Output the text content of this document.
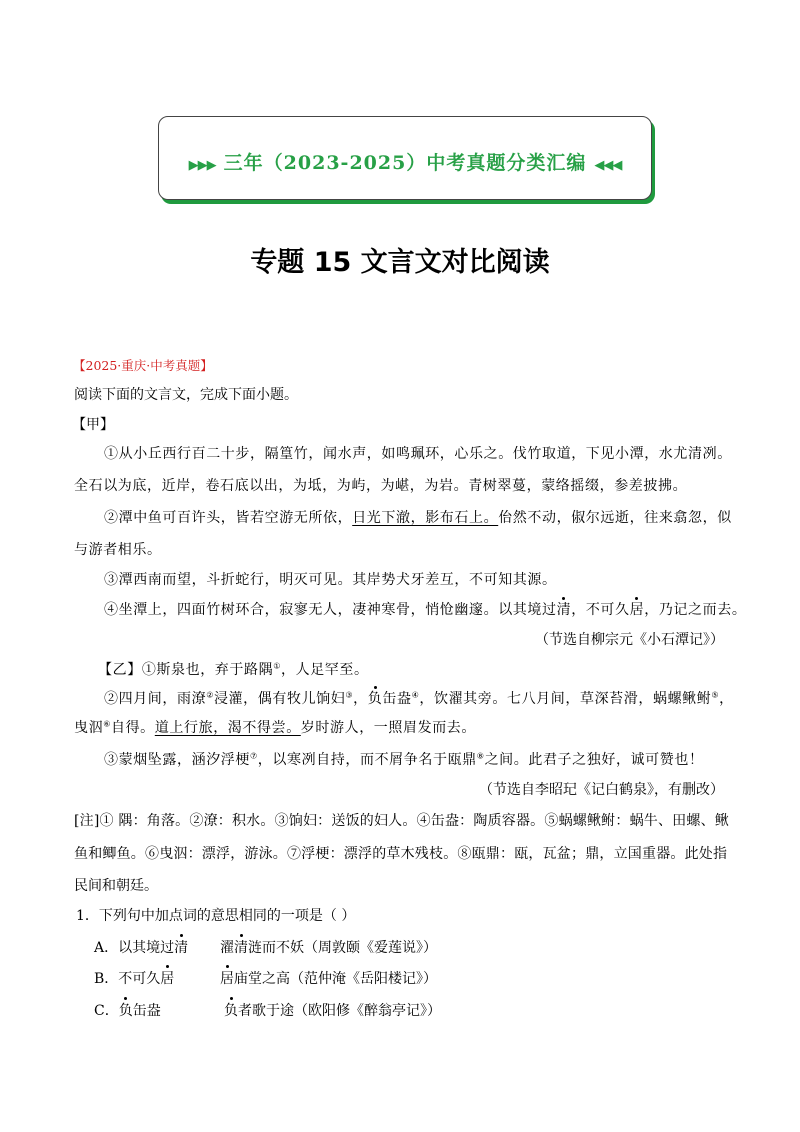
▶▶▶ 三年（2023-2025）中考真题分类汇编 ◀◀◀
专题 15 文言文对比阅读
【2025·重庆·中考真题】
阅读下面的文言文，完成下面小题。
【甲】
①从小丘西行百二十步，隔篁竹，闻水声，如鸣珮环，心乐之。伐竹取道，下见小潭，水尤清冽。
全石以为底，近岸，卷石底以出，为坻，为屿，为嵁，为岩。青树翠蔓，蒙络摇缀，参差披拂。
②潭中鱼可百许头，皆若空游无所依，日光下澈，影布石上。佁然不动，俶尔远逝，往来翕忽，似
与游者相乐。
③潭西南而望，斗折蛇行，明灭可见。其岸势犬牙差互，不可知其源。
④坐潭上，四面竹树环合，寂寥无人，凄神寒骨，悄怆幽邃。以其境过清，不可久居，乃记之而去。
（节选自柳宗元《小石潭记》）
【乙】①斯泉也，弃于路隅①，人足罕至。
②四月间，雨潦②浸灌，偶有牧儿饷妇③，负缶盎④，饮濯其旁。七八月间，草深苔滑，蜗螺鳅鲋⑤，
曳泅⑥自得。道上行旅，渴不得尝。岁时游人，一照眉发而去。
③蒙烟坠露，涵汐浮梗⑦，以寒冽自持，而不屑争名于瓯鼎⑧之间。此君子之独好，诚可赞也！
（节选自李昭玘《记白鹤泉》，有删改）
[注]① 隅：角落。②潦：积水。③饷妇：送饭的妇人。④缶盎：陶质容器。⑤蜗螺鳅鲋：蜗牛、田螺、鳅
鱼和鲫鱼。⑥曳泅：漂浮，游泳。⑦浮梗：漂浮的草木残枝。⑧瓯鼎：瓯，瓦盆；鼎，立国重器。此处指
民间和朝廷。
1．下列句中加点词的意思相同的一项是（ ）
A．以其境过清 濯清涟而不妖（周敦颐《爱莲说》）
B．不可久居	居庙堂之高（范仲淹《岳阳楼记》）
C．负缶盎	负者歌于途（欧阳修《醉翁亭记》）
